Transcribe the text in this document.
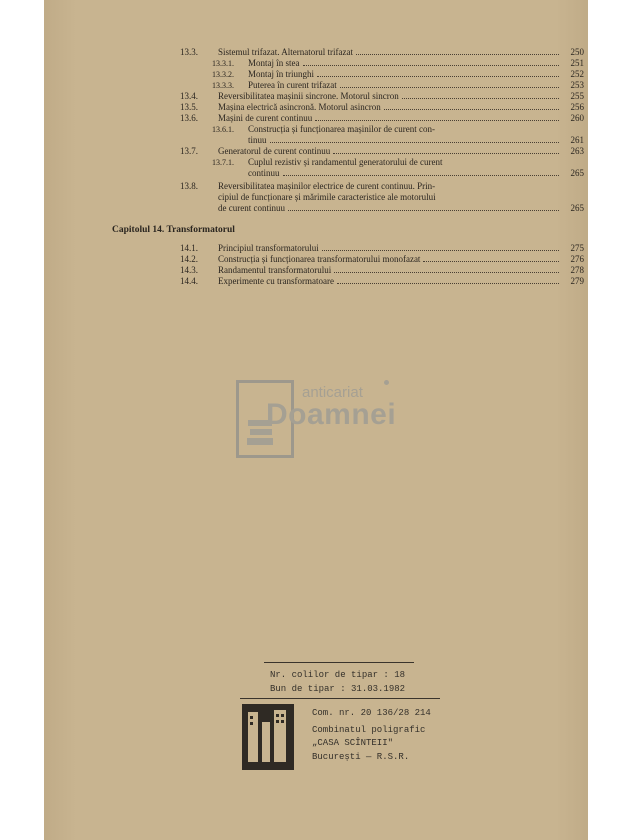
13.3.	Sistemul trifazat. Alternatorul trifazat	250
13.3.1.	Montaj în stea	251
13.3.2.	Montaj în triunghi	252
13.3.3.	Puterea în curent trifazat	253
13.4.	Reversibilitatea mașinii sincrone. Motorul sincron	255
13.5.	Mașina electrică asincronă. Motorul asincron	256
13.6.	Mașini de curent continuu	260
13.6.1.	Construcția și funcționarea mașinilor de curent con-
tinuu	261
13.7.	Generatorul de curent continuu	263
13.7.1.	Cuplul rezistiv și randamentul generatorului de curent
continuu	265
13.8.	Reversibilitatea mașinilor electrice de curent continuu. Prin-
cipiul de funcționare și mărimile caracteristice ale motorului
de curent continuu	265
Capitolul 14. Transformatorul
14.1.	Principiul transformatorului	275
14.2.	Construcția și funcționarea transformatorului monofazat	276
14.3.	Randamentul transformatorului	278
14.4.	Experimente cu transformatoare	279
anticariat
Doamnei
Nr. colilor de tipar : 18
Bun de tipar : 31.03.1982
Com. nr. 20 136/28 214
Combinatul poligrafic
„CASA SCÎNTEII"
București — R.S.R.
